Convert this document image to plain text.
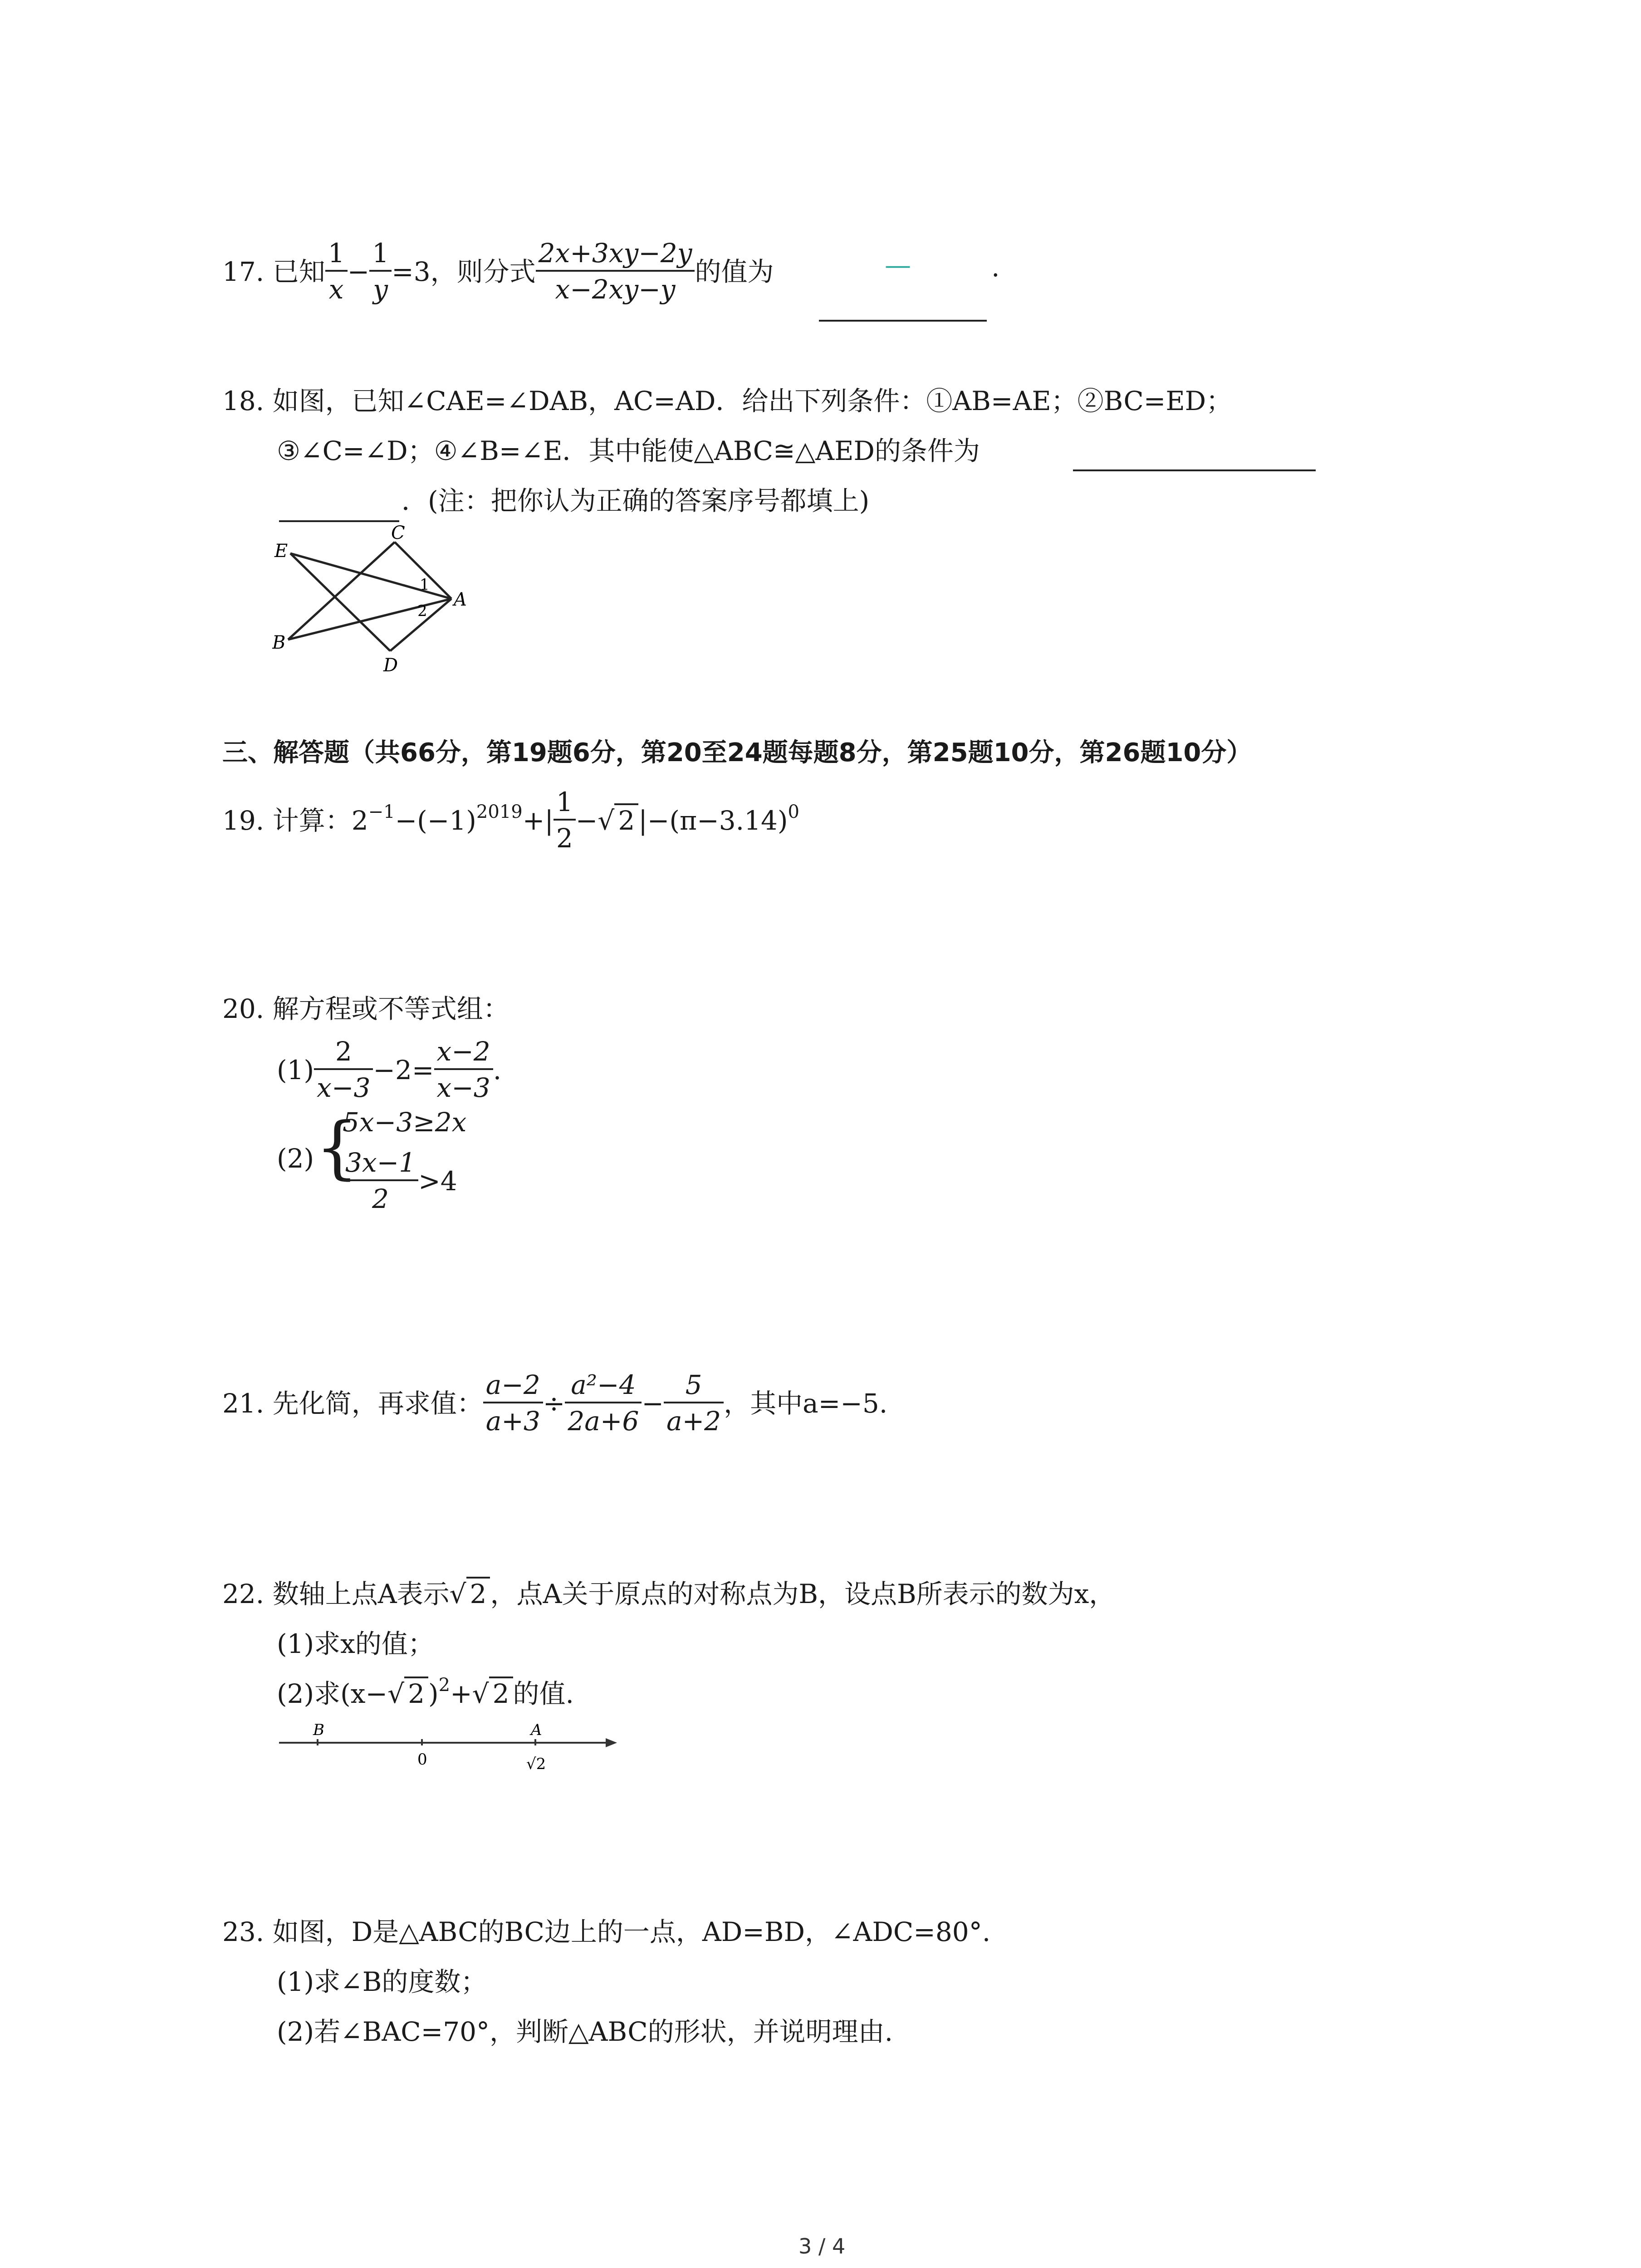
17. 已知 $\frac{1}{x} - \frac{1}{y} =3$，则分式 $\frac{2x+3xy-2y}{x-2xy-y}$ 的值为	—	.
18. 如图，已知∠CAE=∠DAB，AC=AD．给出下列条件：①AB=AE；②BC=ED；
③∠C=∠D；④∠B=∠E．其中能使△ABC≅△AED的条件为
．(注：把你认为正确的答案序号都填上)
C
E
A
B
D
1
2
三、解答题（共66分，第19题6分，第20至24题每题8分，第25题10分，第26题10分）
19. 计算：$2^{-1}-(-1)^{2019}+| \frac{1}{2}$ −√ 2 $|-(\pi-3.14)^0$
20. 解方程或不等式组：
$(1) \frac{2}{x-3} -2= \frac{x-2}{x-3}$ .
(2) {
5x−3≥2x
$\frac{3x-1}{2} >4$
21. 先化简，再求值： $\frac{a-2}{a+3} \div \frac{\text{a²−4}}{2a+6} - \frac{5}{a+2}$ ，其中a=−5.
22. 数轴上点A表示√ 2 ，点A关于原点的对称点为B，设点B所表示的数为x，
(1)求x的值；
(2)求(x−√ 2 )$^2$+√ 2 的值.
B
0
A
√2
23. 如图，D是△ABC的BC边上的一点，AD=BD，∠ADC=80°.
(1)求∠B的度数；
(2)若∠BAC=70°，判断△ABC的形状，并说明理由.
3 / 4
